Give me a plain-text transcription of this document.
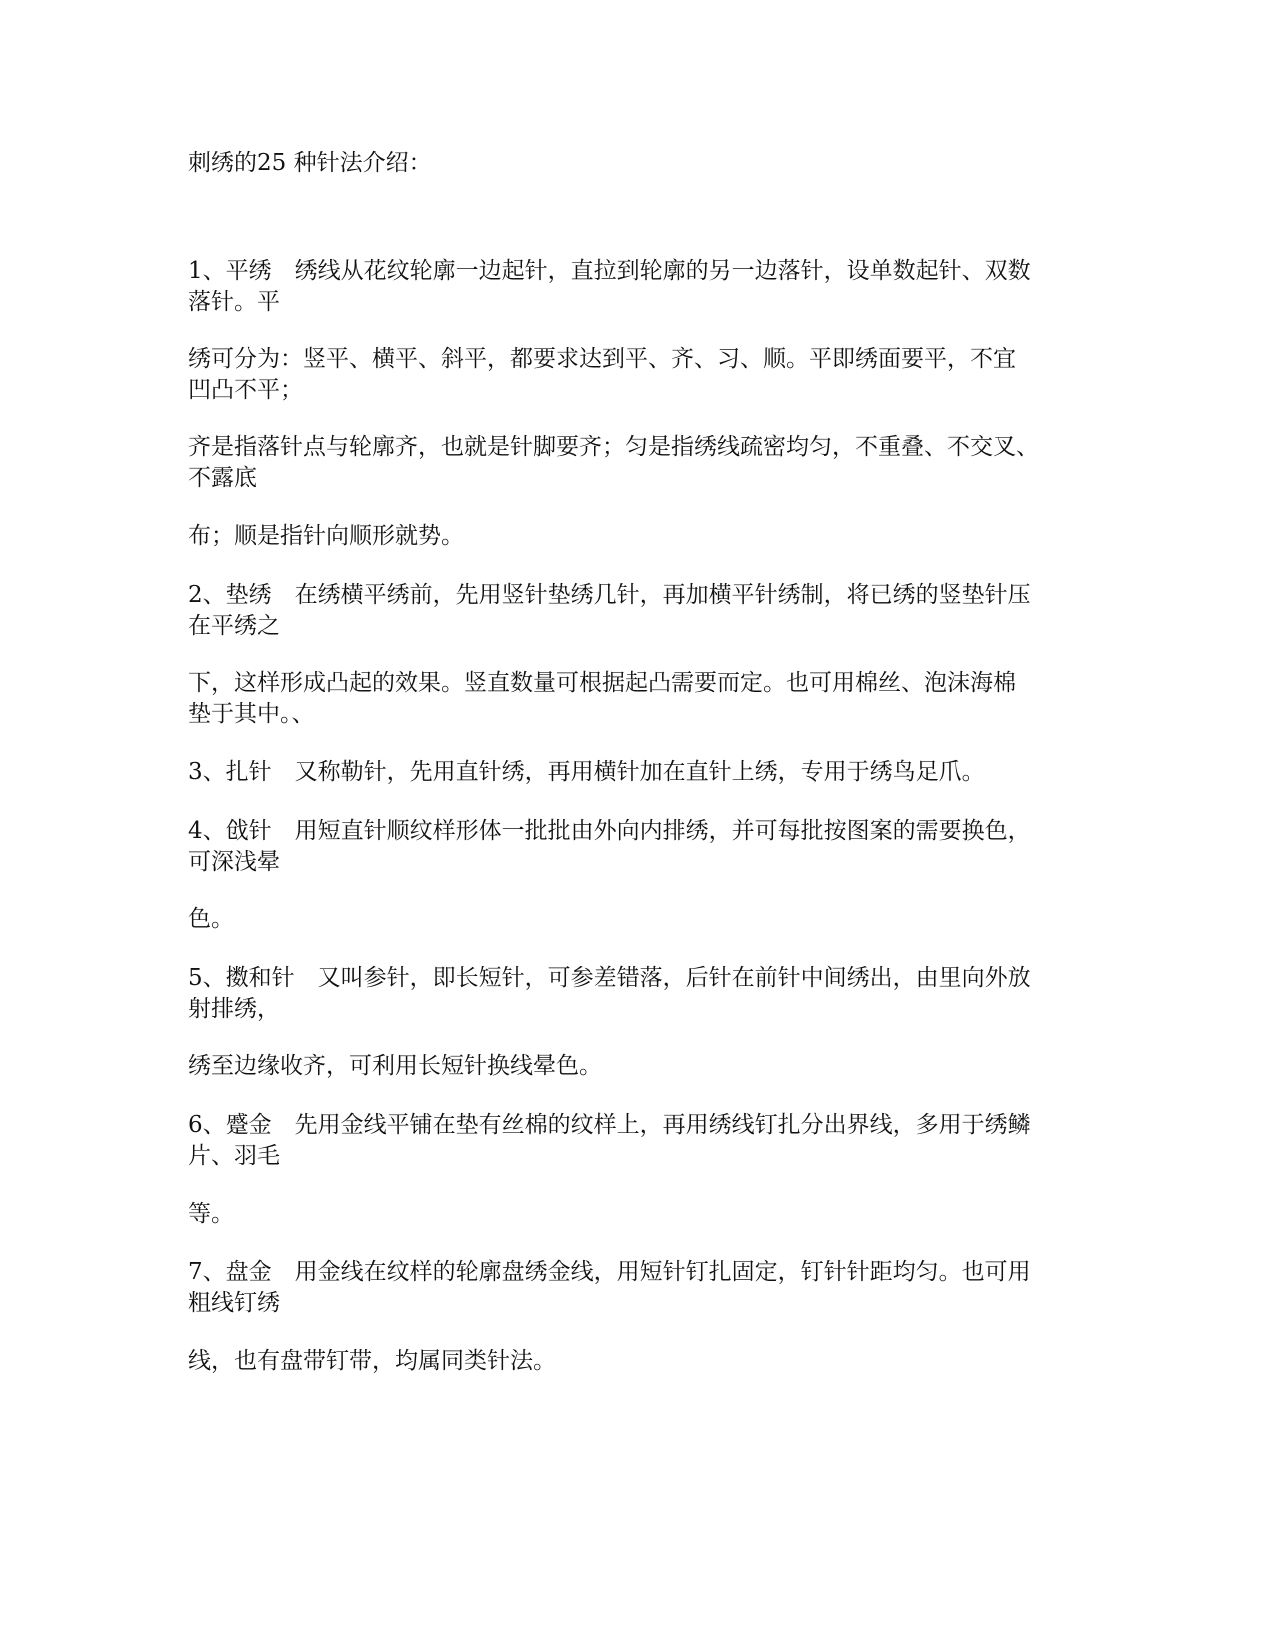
刺绣的25 种针法介绍：

1、平绣　绣线从花纹轮廓一边起针，直拉到轮廓的另一边落针，设单数起针、双数
落针。平

绣可分为：竖平、横平、斜平，都要求达到平、齐、习、顺。平即绣面要平，不宜
凹凸不平；

齐是指落针点与轮廓齐，也就是针脚要齐；匀是指绣线疏密均匀，不重叠、不交叉、
不露底

布；顺是指针向顺形就势。

2、垫绣　在绣横平绣前，先用竖针垫绣几针，再加横平针绣制，将已绣的竖垫针压
在平绣之

下，这样形成凸起的效果。竖直数量可根据起凸需要而定。也可用棉丝、泡沫海棉
垫于其中。、

3、扎针　又称勒针，先用直针绣，再用横针加在直针上绣，专用于绣鸟足爪。

4、戗针　用短直针顺纹样形体一批批由外向内排绣，并可每批按图案的需要换色，
可深浅晕

色。

5、擞和针　又叫参针，即长短针，可参差错落，后针在前针中间绣出，由里向外放
射排绣，

绣至边缘收齐，可利用长短针换线晕色。

6、蹙金　先用金线平铺在垫有丝棉的纹样上，再用绣线钉扎分出界线，多用于绣鳞
片、羽毛

等。

7、盘金　用金线在纹样的轮廓盘绣金线，用短针钉扎固定，钉针针距均匀。也可用
粗线钉绣

线，也有盘带钉带，均属同类针法。
